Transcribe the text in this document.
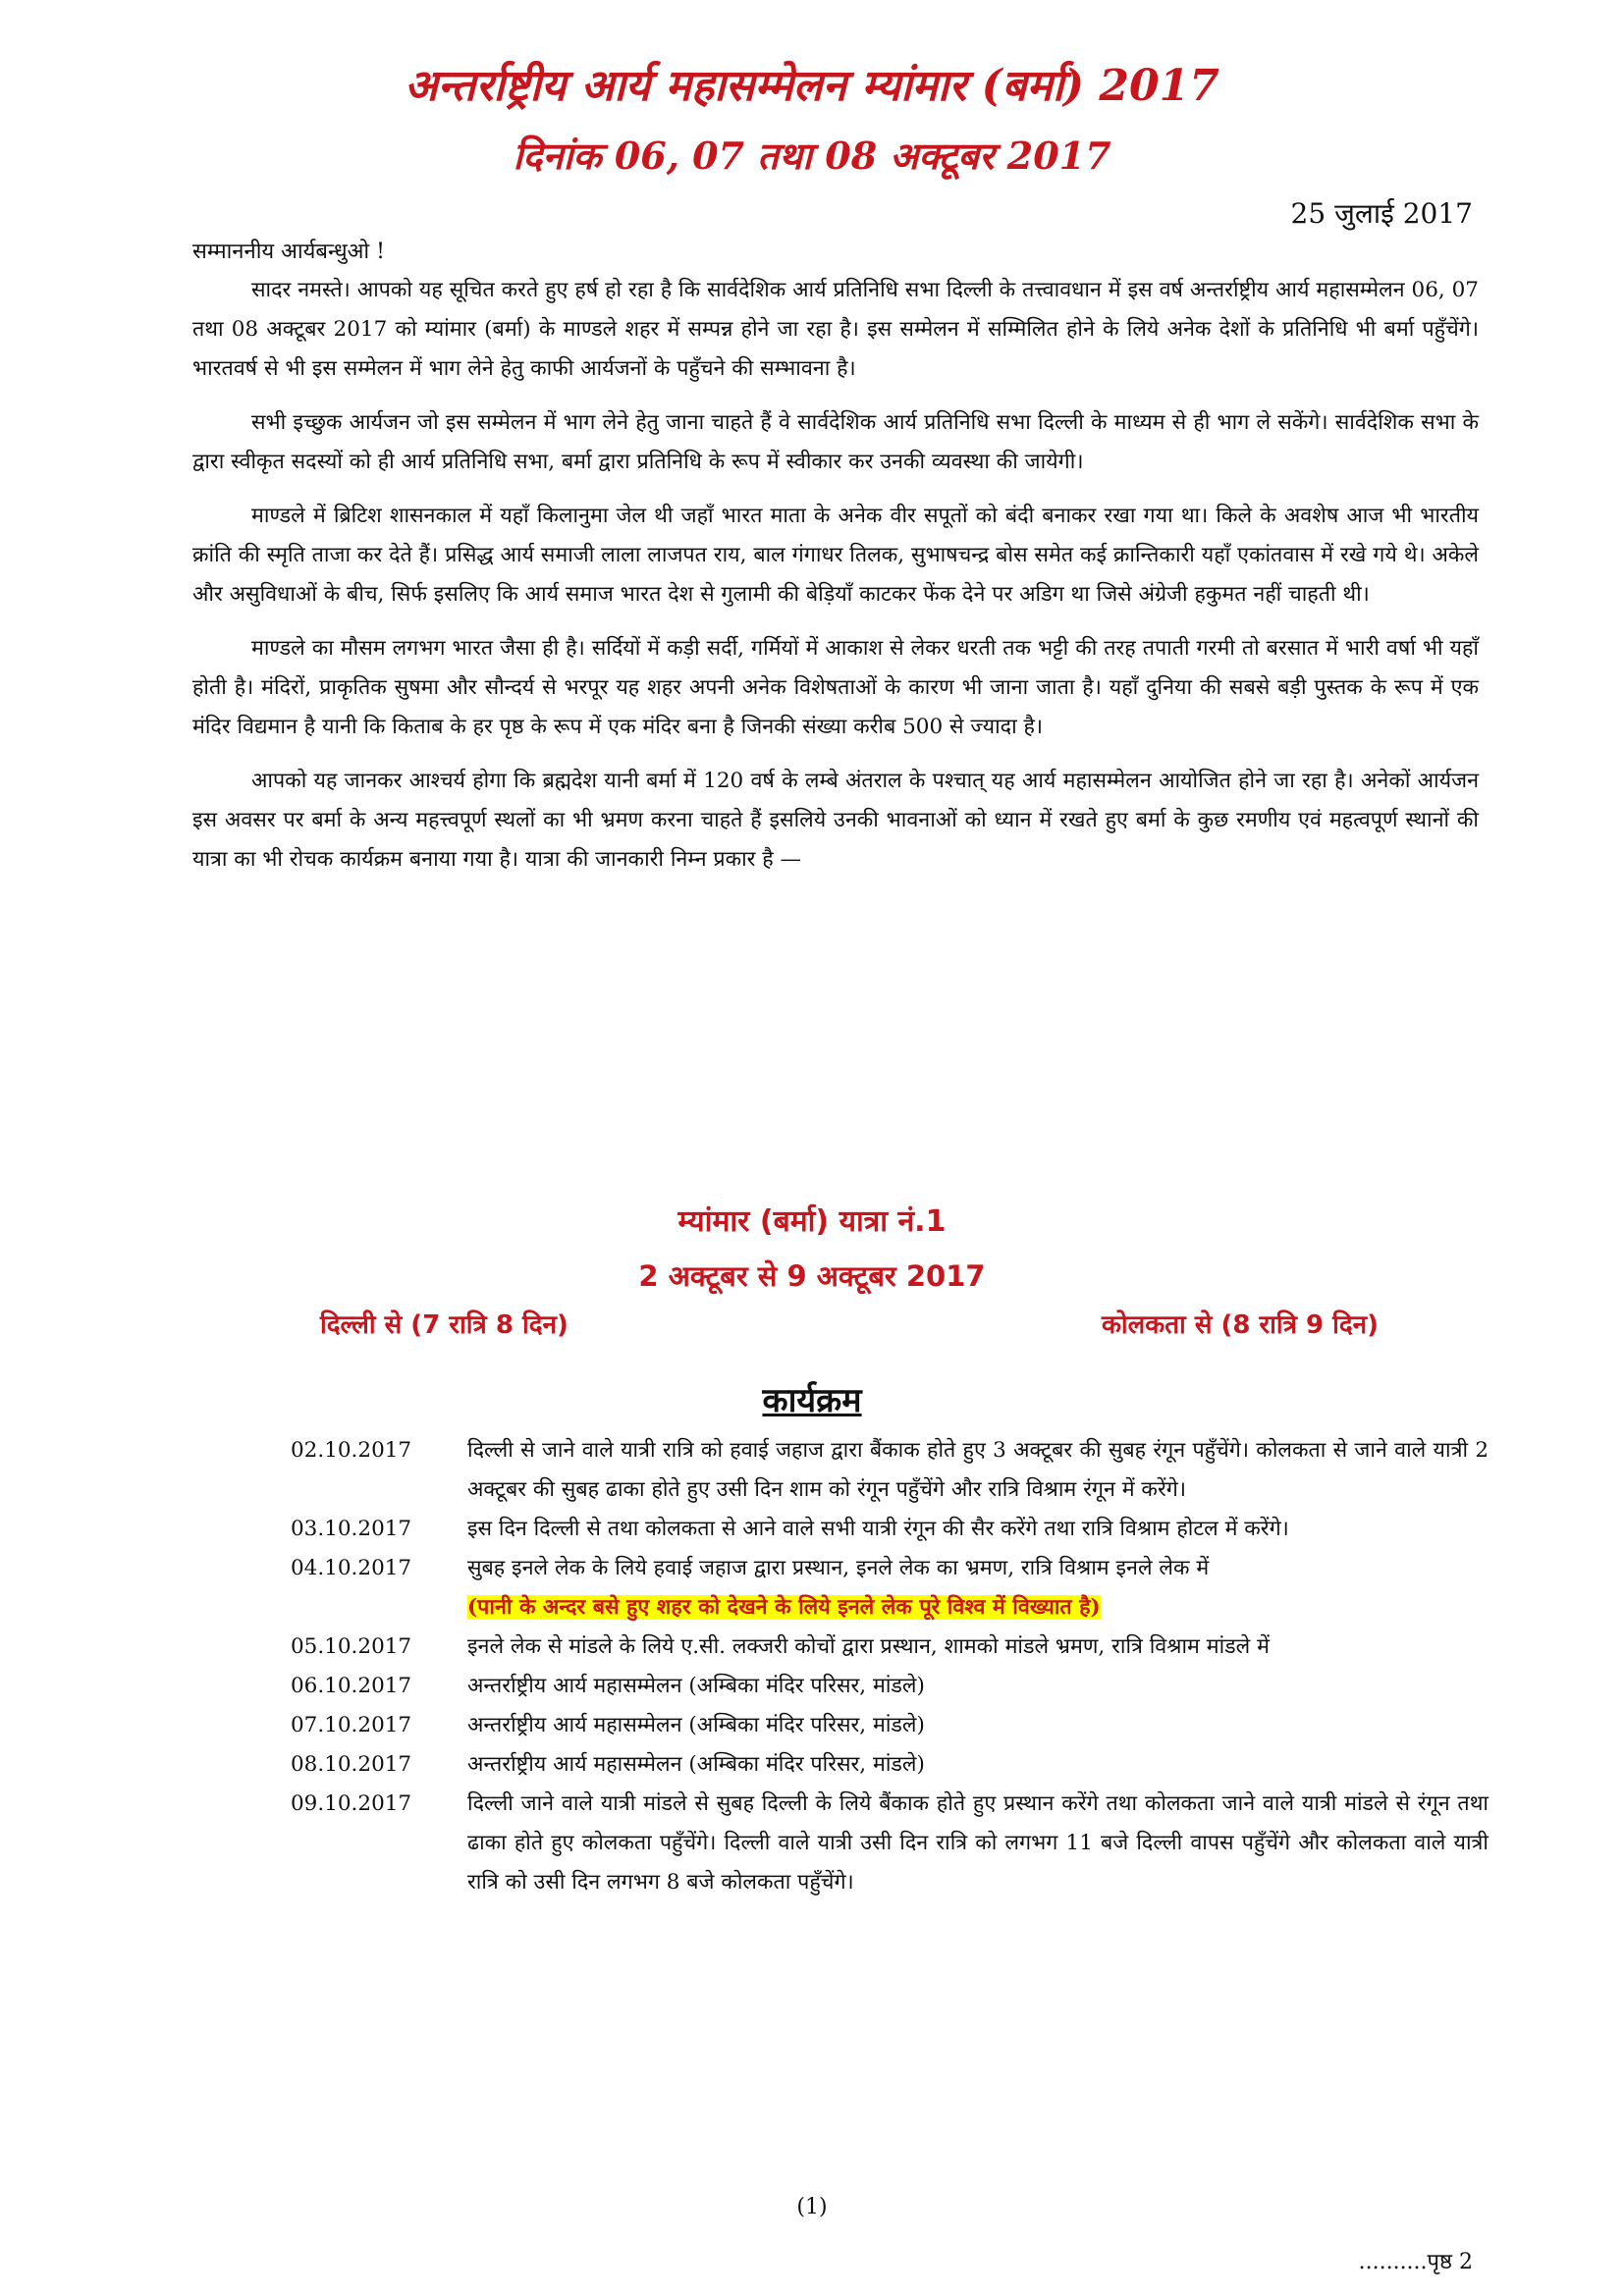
अन्तर्राष्ट्रीय आर्य महासम्मेलन म्यांमार (बर्मा) 2017
दिनांक 06, 07 तथा 08 अक्टूबर 2017
25 जुलाई 2017
सम्माननीय आर्यबन्धुओ !

सादर नमस्ते। आपको यह सूचित करते हुए हर्ष हो रहा है कि सार्वदेशिक आर्य प्रतिनिधि सभा दिल्ली के तत्त्वावधान में इस वर्ष अन्तर्राष्ट्रीय आर्य महासम्मेलन 06, 07 तथा 08 अक्टूबर 2017 को म्यांमार (बर्मा) के माण्डले शहर में सम्पन्न होने जा रहा है। इस सम्मेलन में सम्मिलित होने के लिये अनेक देशों के प्रतिनिधि भी बर्मा पहुँचेंगे। भारतवर्ष से भी इस सम्मेलन में भाग लेने हेतु काफी आर्यजनों के पहुँचने की सम्भावना है।

सभी इच्छुक आर्यजन जो इस सम्मेलन में भाग लेने हेतु जाना चाहते हैं वे सार्वदेशिक आर्य प्रतिनिधि सभा दिल्ली के माध्यम से ही भाग ले सकेंगे। सार्वदेशिक सभा के द्वारा स्वीकृत सदस्यों को ही आर्य प्रतिनिधि सभा, बर्मा द्वारा प्रतिनिधि के रूप में स्वीकार कर उनकी व्यवस्था की जायेगी।

माण्डले में ब्रिटिश शासनकाल में यहाँ किलानुमा जेल थी जहाँ भारत माता के अनेक वीर सपूतों को बंदी बनाकर रखा गया था। किले के अवशेष आज भी भारतीय क्रांति की स्मृति ताजा कर देते हैं। प्रसिद्ध आर्य समाजी लाला लाजपत राय, बाल गंगाधर तिलक, सुभाषचन्द्र बोस समेत कई क्रान्तिकारी यहाँ एकांतवास में रखे गये थे। अकेले और असुविधाओं के बीच, सिर्फ इसलिए कि आर्य समाज भारत देश से गुलामी की बेड़ियाँ काटकर फेंक देने पर अडिग था जिसे अंग्रेजी हकुमत नहीं चाहती थी।

माण्डले का मौसम लगभग भारत जैसा ही है। सर्दियों में कड़ी सर्दी, गर्मियों में आकाश से लेकर धरती तक भट्टी की तरह तपाती गरमी तो बरसात में भारी वर्षा भी यहाँ होती है। मंदिरों, प्राकृतिक सुषमा और सौन्दर्य से भरपूर यह शहर अपनी अनेक विशेषताओं के कारण भी जाना जाता है। यहाँ दुनिया की सबसे बड़ी पुस्तक के रूप में एक मंदिर विद्यमान है यानी कि किताब के हर पृष्ठ के रूप में एक मंदिर बना है जिनकी संख्या करीब 500 से ज्यादा है।

आपको यह जानकर आश्चर्य होगा कि ब्रह्मदेश यानी बर्मा में 120 वर्ष के लम्बे अंतराल के पश्चात् यह आर्य महासम्मेलन आयोजित होने जा रहा है। अनेकों आर्यजन इस अवसर पर बर्मा के अन्य महत्त्वपूर्ण स्थलों का भी भ्रमण करना चाहते हैं इसलिये उनकी भावनाओं को ध्यान में रखते हुए बर्मा के कुछ रमणीय एवं महत्वपूर्ण स्थानों की यात्रा का भी रोचक कार्यक्रम बनाया गया है। यात्रा की जानकारी निम्न प्रकार है —

म्यांमार (बर्मा) यात्रा नं.1
2 अक्टूबर से 9 अक्टूबर 2017
दिल्ली से (7 रात्रि 8 दिन)	कोलकता से (8 रात्रि 9 दिन)
कार्यक्रम
02.10.2017	दिल्ली से जाने वाले यात्री रात्रि को हवाई जहाज द्वारा बैंकाक होते हुए 3 अक्टूबर की सुबह रंगून पहुँचेंगे। कोलकता से जाने वाले यात्री 2 अक्टूबर की सुबह ढाका होते हुए उसी दिन शाम को रंगून पहुँचेंगे और रात्रि विश्राम रंगून में करेंगे।
03.10.2017	इस दिन दिल्ली से तथा कोलकता से आने वाले सभी यात्री रंगून की सैर करेंगे तथा रात्रि विश्राम होटल में करेंगे।
04.10.2017	सुबह इनले लेक के लिये हवाई जहाज द्वारा प्रस्थान, इनले लेक का भ्रमण, रात्रि विश्राम इनले लेक में
(पानी के अन्दर बसे हुए शहर को देखने के लिये इनले लेक पूरे विश्व में विख्यात है)
05.10.2017	इनले लेक से मांडले के लिये ए.सी. लक्जरी कोचों द्वारा प्रस्थान, शामको मांडले भ्रमण, रात्रि विश्राम मांडले में
06.10.2017	अन्तर्राष्ट्रीय आर्य महासम्मेलन (अम्बिका मंदिर परिसर, मांडले)
07.10.2017	अन्तर्राष्ट्रीय आर्य महासम्मेलन (अम्बिका मंदिर परिसर, मांडले)
08.10.2017	अन्तर्राष्ट्रीय आर्य महासम्मेलन (अम्बिका मंदिर परिसर, मांडले)
09.10.2017	दिल्ली जाने वाले यात्री मांडले से सुबह दिल्ली के लिये बैंकाक होते हुए प्रस्थान करेंगे तथा कोलकता जाने वाले यात्री मांडले से रंगून तथा ढाका होते हुए कोलकता पहुँचेंगे। दिल्ली वाले यात्री उसी दिन रात्रि को लगभग 11 बजे दिल्ली वापस पहुँचेंगे और कोलकता वाले यात्री रात्रि को उसी दिन लगभग 8 बजे कोलकता पहुँचेंगे।
(1)
..........पृष्ठ 2
